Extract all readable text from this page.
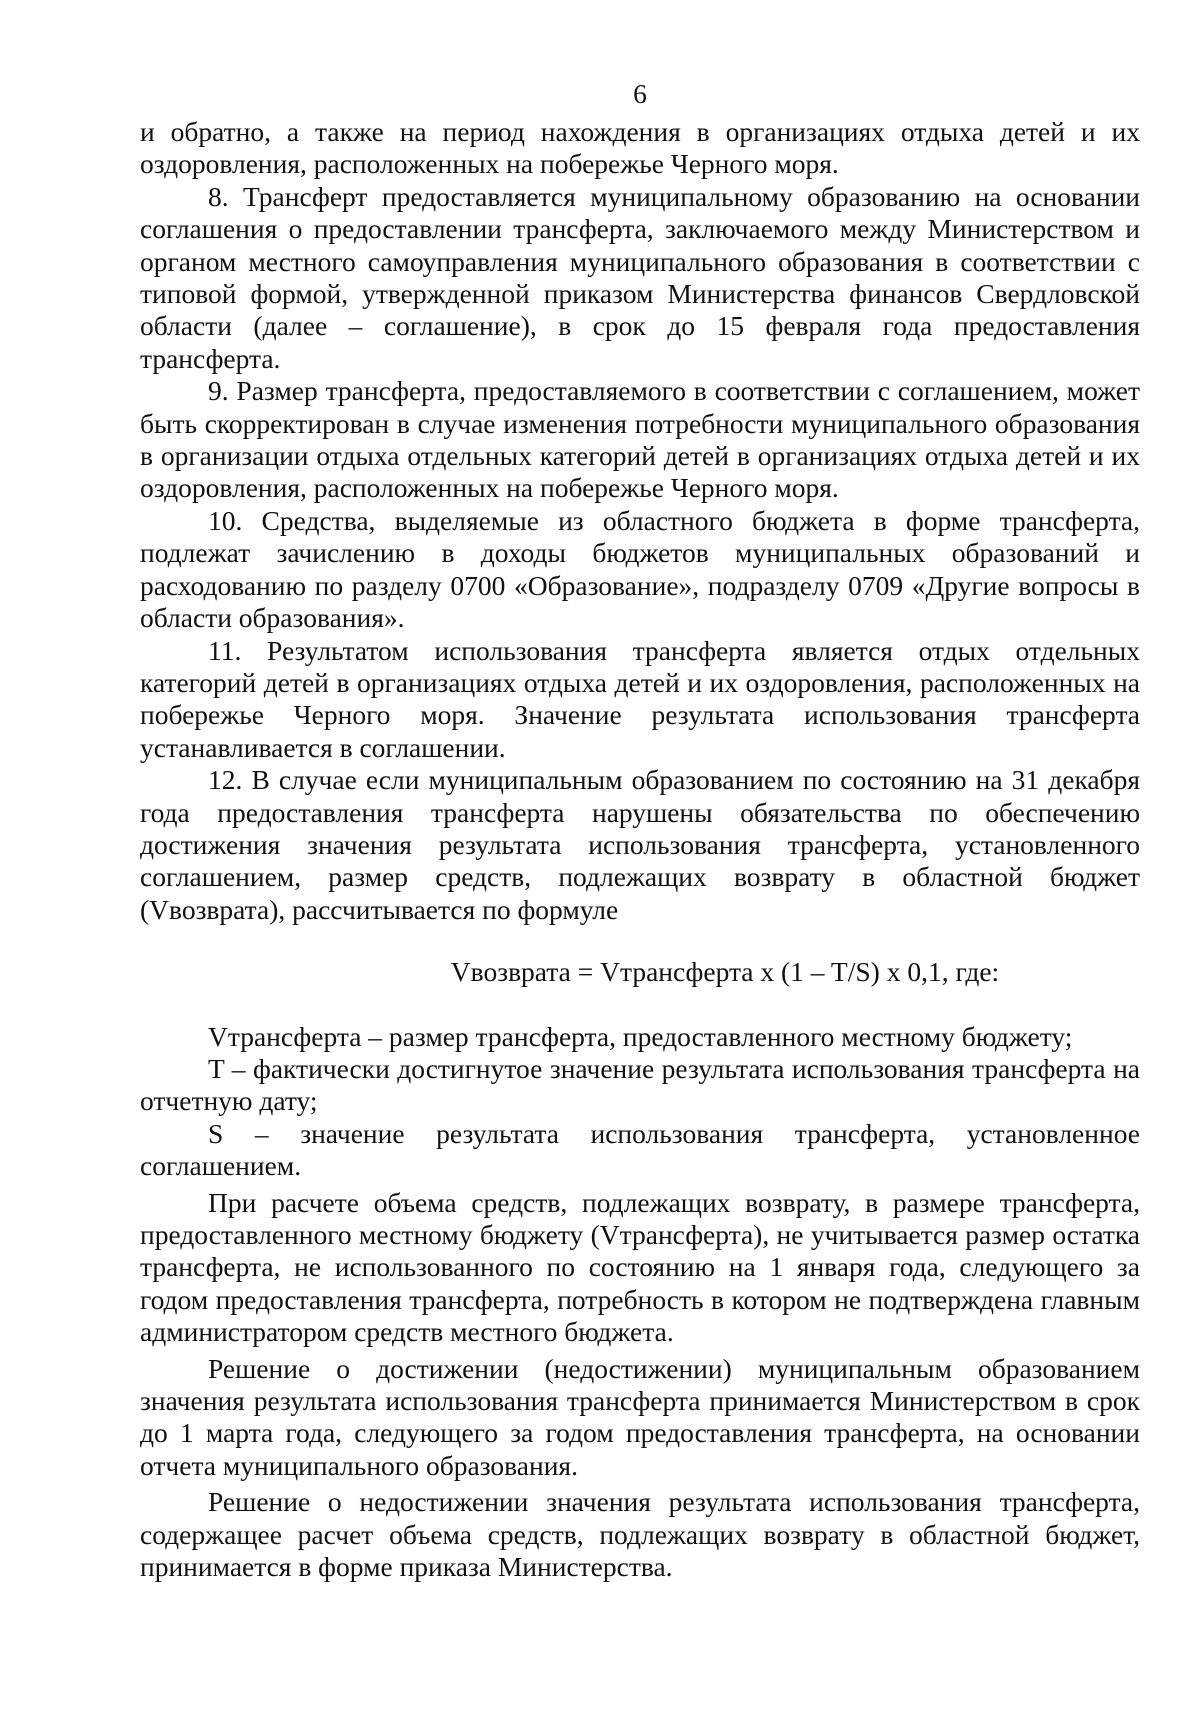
6

и обратно, а также на период нахождения в организациях отдыха детей и их оздоровления, расположенных на побережье Черного моря.

8. Трансферт предоставляется муниципальному образованию на основании соглашения о предоставлении трансферта, заключаемого между Министерством и органом местного самоуправления муниципального образования в соответствии с типовой формой, утвержденной приказом Министерства финансов Свердловской области (далее – соглашение), в срок до 15 февраля года предоставления трансферта.

9. Размер трансферта, предоставляемого в соответствии с соглашением, может быть скорректирован в случае изменения потребности муниципального образования в организации отдыха отдельных категорий детей в организациях отдыха детей и их оздоровления, расположенных на побережье Черного моря.

10. Средства, выделяемые из областного бюджета в форме трансферта, подлежат зачислению в доходы бюджетов муниципальных образований и расходованию по разделу 0700 «Образование», подразделу 0709 «Другие вопросы в области образования».

11. Результатом использования трансферта является отдых отдельных категорий детей в организациях отдыха детей и их оздоровления, расположенных на побережье Черного моря. Значение результата использования трансферта устанавливается в соглашении.

12. В случае если муниципальным образованием по состоянию на 31 декабря года предоставления трансферта нарушены обязательства по обеспечению достижения значения результата использования трансферта, установленного соглашением, размер средств, подлежащих возврату в областной бюджет (Vвозврата), рассчитывается по формуле

Vвозврата = Vтрансферта x (1 – T/S) x 0,1, где:

Vтрансферта – размер трансферта, предоставленного местному бюджету;

T – фактически достигнутое значение результата использования трансферта на отчетную дату;

S – значение результата использования трансферта, установленное соглашением.

При расчете объема средств, подлежащих возврату, в размере трансферта, предоставленного местному бюджету (Vтрансферта), не учитывается размер остатка трансферта, не использованного по состоянию на 1 января года, следующего за годом предоставления трансферта, потребность в котором не подтверждена главным администратором средств местного бюджета.

Решение о достижении (недостижении) муниципальным образованием значения результата использования трансферта принимается Министерством в срок до 1 марта года, следующего за годом предоставления трансферта, на основании отчета муниципального образования.

Решение о недостижении значения результата использования трансферта, содержащее расчет объема средств, подлежащих возврату в областной бюджет, принимается в форме приказа Министерства.
